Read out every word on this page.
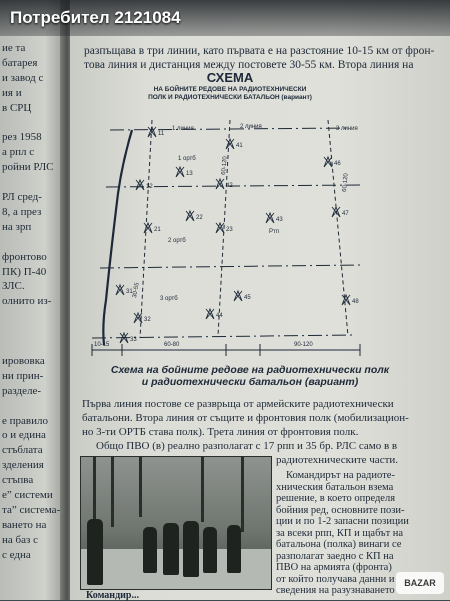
ие та
батарея
и завод с
ия и
в СРЦ
рез 1958
а рпл с
ройни РЛС
РЛ сред-
8, а през
на зрп
фронтово
ПК) П-40
ЗЛС.
олнито из-
ирововка
ни прин-
разделе-
е правило
о и едина
стъблата
зделения
стъпва
е” системи
та” система-
ването на
на баз с
с една
разпъщава в три линии, като първата е на разстояние 10-15 км от фрон-
това линия и дистанция между постовете 30-55 км. Втора линия на
СХЕМА
НА БОЙНИТЕ РЕДОВЕ НА РАДИОТЕХНИЧЕСКИ
ПОЛК И РАДИОТЕХНИЧЕСКИ БАТАЛЬОН (вариант)
1 линия	2 линия	3 линия
1 ортб
2 ортб
3 ортб
Ртп
10-15	60-80	90-120
30-55
60-120
60-120
11
12
13
21
22
23
31
32
33
41
42
43
44
45
46
47
48
Схема на бойните редове на радиотехнически полк и радиотехнически батальон (вариант)
Първа линия постове се разврьща от армейските радиотехнически
батальони. Втора линия от същите и фронтовия полк (мобилизацион-
но 3-ти ОРТБ става полк). Трета линия от фронтовия полк.
Общо ПВО (в) реално разполагат с 17 рпп и 35 бр. РЛС само в в
радиотехническите части.
Командирът на радиоте-
хническия батальон взема
решение, в което определя
бойния ред, основните пози-
ции и по 1-2 запасни позиции
за всеки рпп, КП и щабът на
батальона (полка) винаги се
разполагат заедно с КП на
ПВО на армията (фронта)
от който получава данни и
сведения на разузнаването
Командир...
Потребител 2121084
BAZAR
